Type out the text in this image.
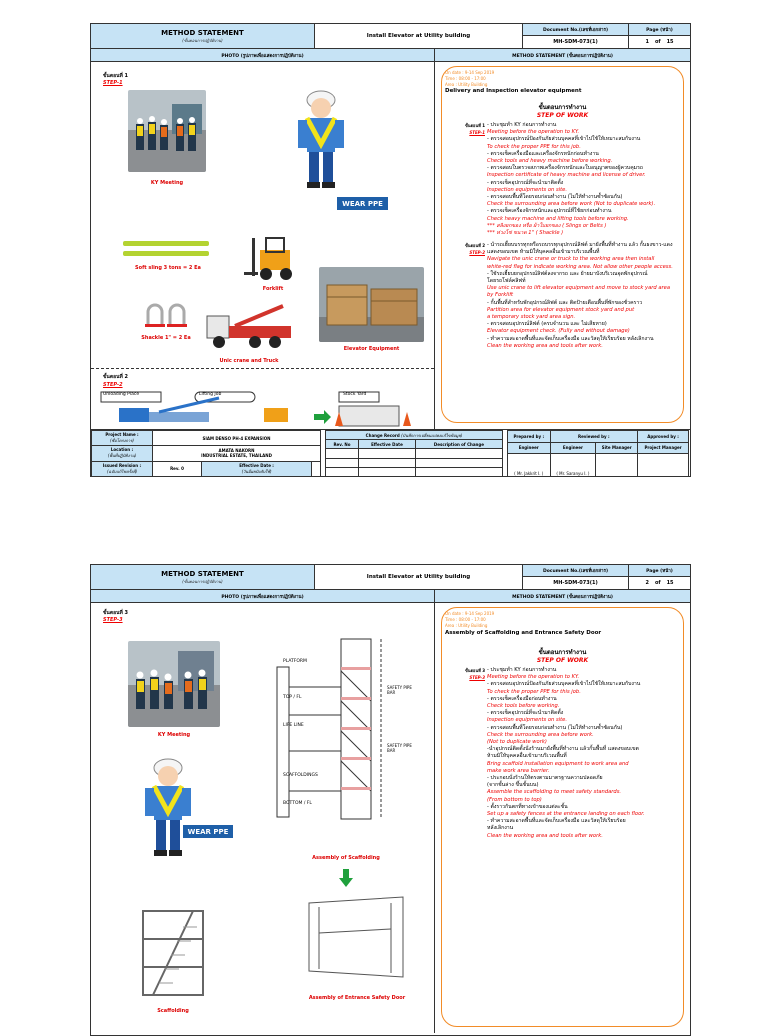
METHOD STATEMENT
(ขั้นตอนการปฏิบัติงาน)
Install Elevator at Utility building
Document No.(เลขที่เอกสาร)
MH-SDM-073(1)
Page (หน้า)
1 of 15
PHOTO (รูปภาพเพื่อแสดงการปฏิบัติงาน)	METHOD STATEMENT (ขั้นตอนการปฏิบัติงาน)
ขั้นตอนที่ 1
STEP-1
KY Meeting
WEAR PPE
Soft sling 3 tons = 2 Ea
Forklift
Shackle 1" = 2 Ea
Unic crane and Truck
Elevator Equipment
ขั้นตอนที่ 2
STEP-2
Unloading Place	Lifting Job	Stock Yard
On date : 9-14 Sep 2019
Time : 08:00 - 17:00
Area : Utility Building
Delivery and Inspection elevator equipment
ขั้นตอนการทำงาน
STEP OF WORK
ขั้นตอนที่ 1
STEP-1
- ประชุมทำ KY ก่อนการทำงาน
Meeting before the operation to KY.
- ตรวจสอบอุปกรณ์ป้องกันภัยส่วนบุคคลที่เข้าไปใช้ให้เหมาะสมกับงาน
To check the proper PPE for this job.
- ตรวจเช็คเครื่องมือและเครื่องจักรหนักก่อนทำงาน
Check tools and heavy machine before working.
- ตรวจสอบใบตรวจสภาพเครื่องจักรหนักและใบอนุญาตของผู้ควบคุมรถ
Inspection certificate of heavy machine and license of driver.
- ตรวจเช็คอุปกรณ์ที่จะนำมาติดตั้ง
Inspection equipments on site.
- ตรวจสอบพื้นที่โดยรอบก่อนทำงาน (ไม่ให้ทำงานซ้ำซ้อนกัน)
Check the surrounding area before work (Not to duplicate work).
- ตรวจเช็คเครื่องจักรหนักและอุปกรณ์ที่ใช้ยกก่อนทำงาน
Check heavy machine and lifting tools before working.
*** สลิงยกของ หรือ ผ้าใบยกของ ( Slings or Belts )
*** ห่วงโซ่ ขนาด 1" ( Shackle )
ขั้นตอนที่ 2
STEP-2
- นำรถเฮี้ยบบรรทุกหรือรถบรรทุกอุปกรณ์ลิฟต์ มายังพื้นที่ทำงาน แล้ว กั้นธงขาว-แดง
แสดงขอบเขต ห้ามมิให้บุคคลอื่นเข้ามาบริเวณพื้นที่
Navigate the unic crane or truck to the working area then install
white-red flag for indicate working area. Not allow other people access.
- ใช้รถเฮี้ยบยกอุปกรณ์ลิฟต์ลงจากรถ และ ย้ายมาบังบริเวณจุดพักอุปกรณ์
โดยรถโฟล์คลิฟท์
Use unic crane to lift elevator equipment and move to stock yard area
by Forklift
- กั้นพื้นที่สำหรับพักอุปกรณ์ลิฟต์ และ ติดป้ายเตือนพื้นที่พักของชั่วคราว
Partition area for elevator equipment stock yard and put
a temporary stock yard area sign.
- ตรวจสอบอุปกรณ์ลิฟต์ (ครบจำนวน และ ไม่เสียหาย)
Elevator equipment check. (Fully and without damage)
- ทำความสะอาดพื้นที่และจัดเก็บเครื่องมือ และวัสดุให้เรียบร้อย หลังเลิกงาน
Clean the working area and tools after work.
Project Name :
(ชื่อโครงการ)	SIAM DENSO PH-4 EXPANSION		
Location :
(พื้นที่ปฏิบัติงาน)	AMATA NAKORN
INDUSTRIAL ESTATE, THAILAND		
Issued Revision :
(ฉบับแก้ไขครั้งที่)	Rev. 0	Effective Date :
(วันมีผลบังคับใช้)	
Change Record (บันทึกการเปลี่ยนแปลงแก้ไขข้อมูล)		
Rev. No	Effective Date	Description of Change

Prepared by :	Reviewed by :		Approved by :
Engineer	Engineer	Site Manager	Project Manager
( Mr. Jakkrit I. )	( Mr. Saranyu I. )		
METHOD STATEMENT
(ขั้นตอนการปฏิบัติงาน)
Install Elevator at Utility building
Document No.(เลขที่เอกสาร)
MH-SDM-073(1)
Page (หน้า)
2 of 15
PHOTO (รูปภาพเพื่อแสดงการปฏิบัติงาน)	METHOD STATEMENT (ขั้นตอนการปฏิบัติงาน)
ขั้นตอนที่ 3
STEP-3
KY Meeting
WEAR PPE
Scaffolding
PLATFORM
TOP / FL
LIFE LINE
SAFETY PIPE BAR
SAFETY PIPE BAR
SCAFFOLDINGS
BOTTOM / FL
Assembly of Scaffolding
Assembly of Entrance Safety Door
On date : 9-14 Sep 2019
Time : 08:00 - 17:00
Area : Utility Building
Assembly of Scaffolding and Entrance Safety Door
ขั้นตอนการทำงาน
STEP OF WORK
ขั้นตอนที่ 3
STEP-3
- ประชุมทำ KY ก่อนการทำงาน
Meeting before the operation to KY.
- ตรวจสอบอุปกรณ์ป้องกันภัยส่วนบุคคลที่เข้าไปใช้ให้เหมาะสมกับงาน
To check the proper PPE for this job.
- ตรวจเช็คเครื่องมือก่อนทำงาน
Check tools before working.
- ตรวจเช็คอุปกรณ์ที่จะนำมาติดตั้ง
Inspection equipments on site.
- ตรวจสอบพื้นที่โดยรอบก่อนทำงาน (ไม่ให้ทำงานซ้ำซ้อนกัน)
Check the surrounding area before work.
(Not to duplicate work)
-นำอุปกรณ์ติดตั้งนั่งร้านมายังพื้นที่ทำงาน แล้วกั้นพื้นที่ แสดงขอบเขต
ห้ามมิให้บุคคลอื่นเข้ามาบริเวณพื้นที่
Bring scaffold installation equipment to work area and
make work area barrier.
- ประกอบนั่งร้านให้ตรงตามมาตรฐานความปลอดภัย
(จากชั้นล่าง ขึ้นชั้นบน)
Assemble the scaffolding to meet safety standards.
(From bottom to top)
- ตั้งราวกันตกที่ทางเข้าของแต่ละชั้น
Set up a safety fences at the entrance landing on each floor.
- ทำความสะอาดพื้นที่และจัดเก็บเครื่องมือ และวัสดุให้เรียบร้อย
หลังเลิกงาน
Clean the working area and tools after work.
